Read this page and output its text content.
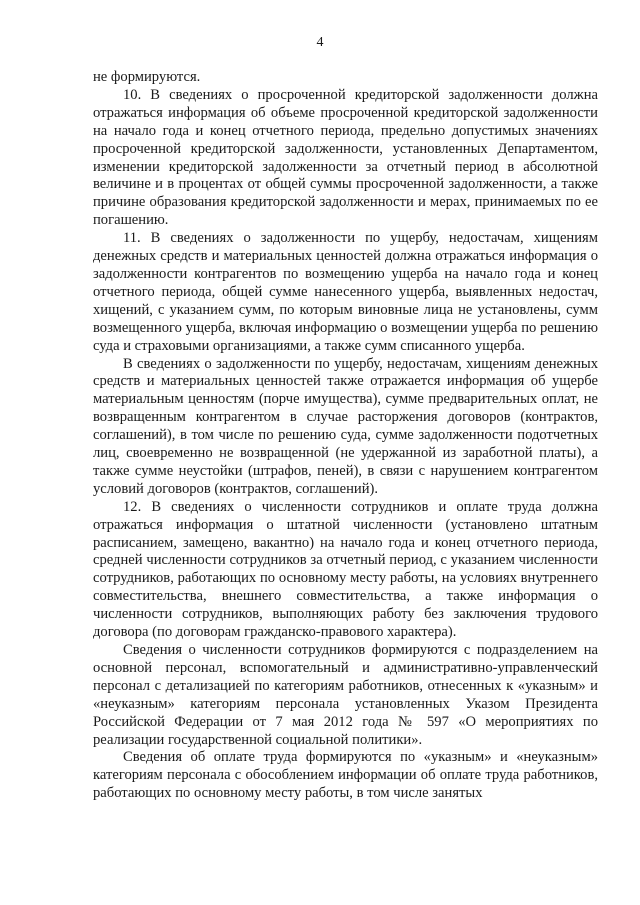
4

не формируются.

10. В сведениях о просроченной кредиторской задолженности должна отражаться информация об объеме просроченной кредиторской задолженности на начало года и конец отчетного периода, предельно допустимых значениях просроченной кредиторской задолженности, установленных Департаментом, изменении кредиторской задолженности за отчетный период в абсолютной величине и в процентах от общей суммы просроченной задолженности, а также причине образования кредиторской задолженности и мерах, принимаемых по ее погашению.

11. В сведениях о задолженности по ущербу, недостачам, хищениям денежных средств и материальных ценностей должна отражаться информация о задолженности контрагентов по возмещению ущерба на начало года и конец отчетного периода, общей сумме нанесенного ущерба, выявленных недостач, хищений, с указанием сумм, по которым виновные лица не установлены, сумм возмещенного ущерба, включая информацию о возмещении ущерба по решению суда и страховыми организациями, а также сумм списанного ущерба.

В сведениях о задолженности по ущербу, недостачам, хищениям денежных средств и материальных ценностей также отражается информация об ущербе материальным ценностям (порче имущества), сумме предварительных оплат, не возвращенным контрагентом в случае расторжения договоров (контрактов, соглашений), в том числе по решению суда, сумме задолженности подотчетных лиц, своевременно не возвращенной (не удержанной из заработной платы), а также сумме неустойки (штрафов, пеней), в связи с нарушением контрагентом условий договоров (контрактов, соглашений).

12. В сведениях о численности сотрудников и оплате труда должна отражаться информация о штатной численности (установлено штатным расписанием, замещено, вакантно) на начало года и конец отчетного периода, средней численности сотрудников за отчетный период, с указанием численности сотрудников, работающих по основному месту работы, на условиях внутреннего совместительства, внешнего совместительства, а также информация о численности сотрудников, выполняющих работу без заключения трудового договора (по договорам гражданско-правового характера).

Сведения о численности сотрудников формируются с подразделением на основной персонал, вспомогательный и административно-управленческий персонал с детализацией по категориям работников, отнесенных к «указным» и «неуказным» категориям персонала установленных Указом Президента Российской Федерации от 7 мая 2012 года № 597 «О мероприятиях по реализации государственной социальной политики».

Сведения об оплате труда формируются по «указным» и «неуказным» категориям персонала с обособлением информации об оплате труда работников, работающих по основному месту работы, в том числе занятых
